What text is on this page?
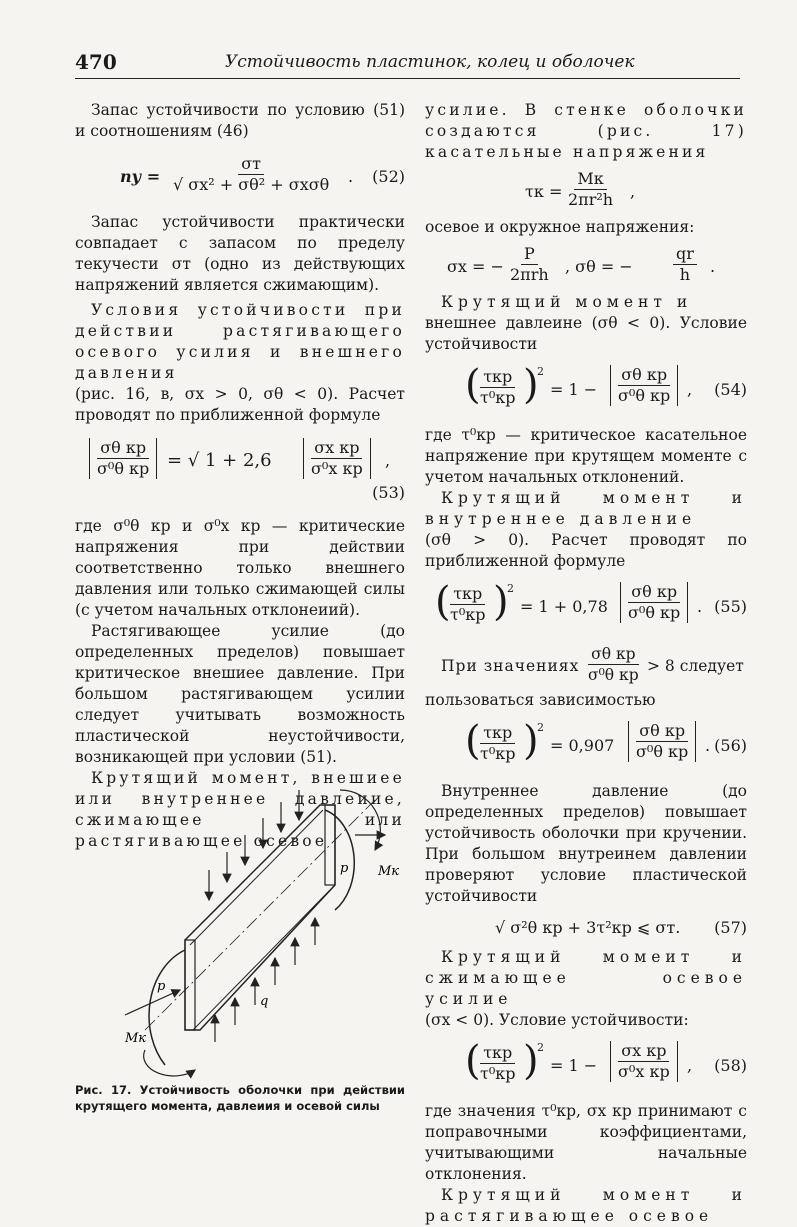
470	Устойчивость пластинок, колец и оболочек

Запас устойчивости по условию (51) и соотношениям (46)

nу =
σт
√ σx² + σθ² + σxσθ . (52)

Запас устойчивости практически совпадает с запасом по пределу текучести σт (одно из действующих напряжений является сжимающим).

Условия устойчивости при действии растягивающего осевого усилия и внешнего давления

(рис. 16, в, σx > 0, σθ < 0). Расчет проводят по приближенной формуле

$\frac{\text{σθ кр}}{\text{σ⁰θ кр}}$ = √ $1 + 2,6 \frac{\text{σx кр}}{\text{σ⁰x кр}}$ ,
(53)

где σ⁰θ кр и σ⁰x кр — критические напряжения при действии соответственно только внешнего давления или только сжимающей силы (с учетом начальных отклонеиий).

Растягивающее усилие (до определенных пределов) повышает критическое внешиее давление. При большом растягивающем усилии следует учитывать возможность пластической неустойчивости, возникающей при условии (51).

Крутящий момент, внешиее или внутреннее давлеиие, сжимающее или растягивающее осевое

Mк
p
p
q
Mк
Рис. 17. Устойчивость оболочки при действии крутящего момента, давлеиия и осевой силы

усилие. В стенке оболочки создаются (рис. 17) касательные напряжения

τк =
Mк
2πr²h ,

осевое и окружное напряжения:

σx = −
P
2πrh , σθ = −	$\frac{qr}{h}$ .

Крутящий момент и

внешнее давлеине (σθ < 0). Условие устойчивости

( τкр
τ⁰кр )
2
= $1 - \frac{\text{σθ кр}}{\text{σ⁰θ кр}}$ , (54)

где τ⁰кр — критическое касательное напряжение при крутящем моменте с учетом начальных отклонений.

Крутящий момент и внутреннее давление

(σθ > 0). Расчет проводят по приближенной формуле

( τкр
τ⁰кр )
2
= $1 + 0,78 \frac{\text{σθ кр}}{\text{σ⁰θ кр}}$ . (55)
При значениях
σθ кр
σ⁰θ кр > 8 следует

пользоваться зависимостью

( τкр
τ⁰кр )
2
= $0,907 \frac{\text{σθ кр}}{\text{σ⁰θ кр}}$ . (56)

Внутреннее давление (до определенных пределов) повышает устойчивость оболочки при кручении. При большом внутреинем давлении проверяют условие пластической устойчивости

√ σ²θ кр + 3τ²кр ⩽ σт. (57)

Крутящий момеит и сжимающее осевое усилие

(σx < 0). Условие устойчивости:

( τкр
τ⁰кр )
2
= $1 - \frac{\text{σx кр}}{\text{σ⁰x кр}}$ , (58)

где значения τ⁰кр, σx кр принимают с поправочными коэффициентами, учитывающими начальные отклонения.

Крутящий момент и растягивающее осевое
